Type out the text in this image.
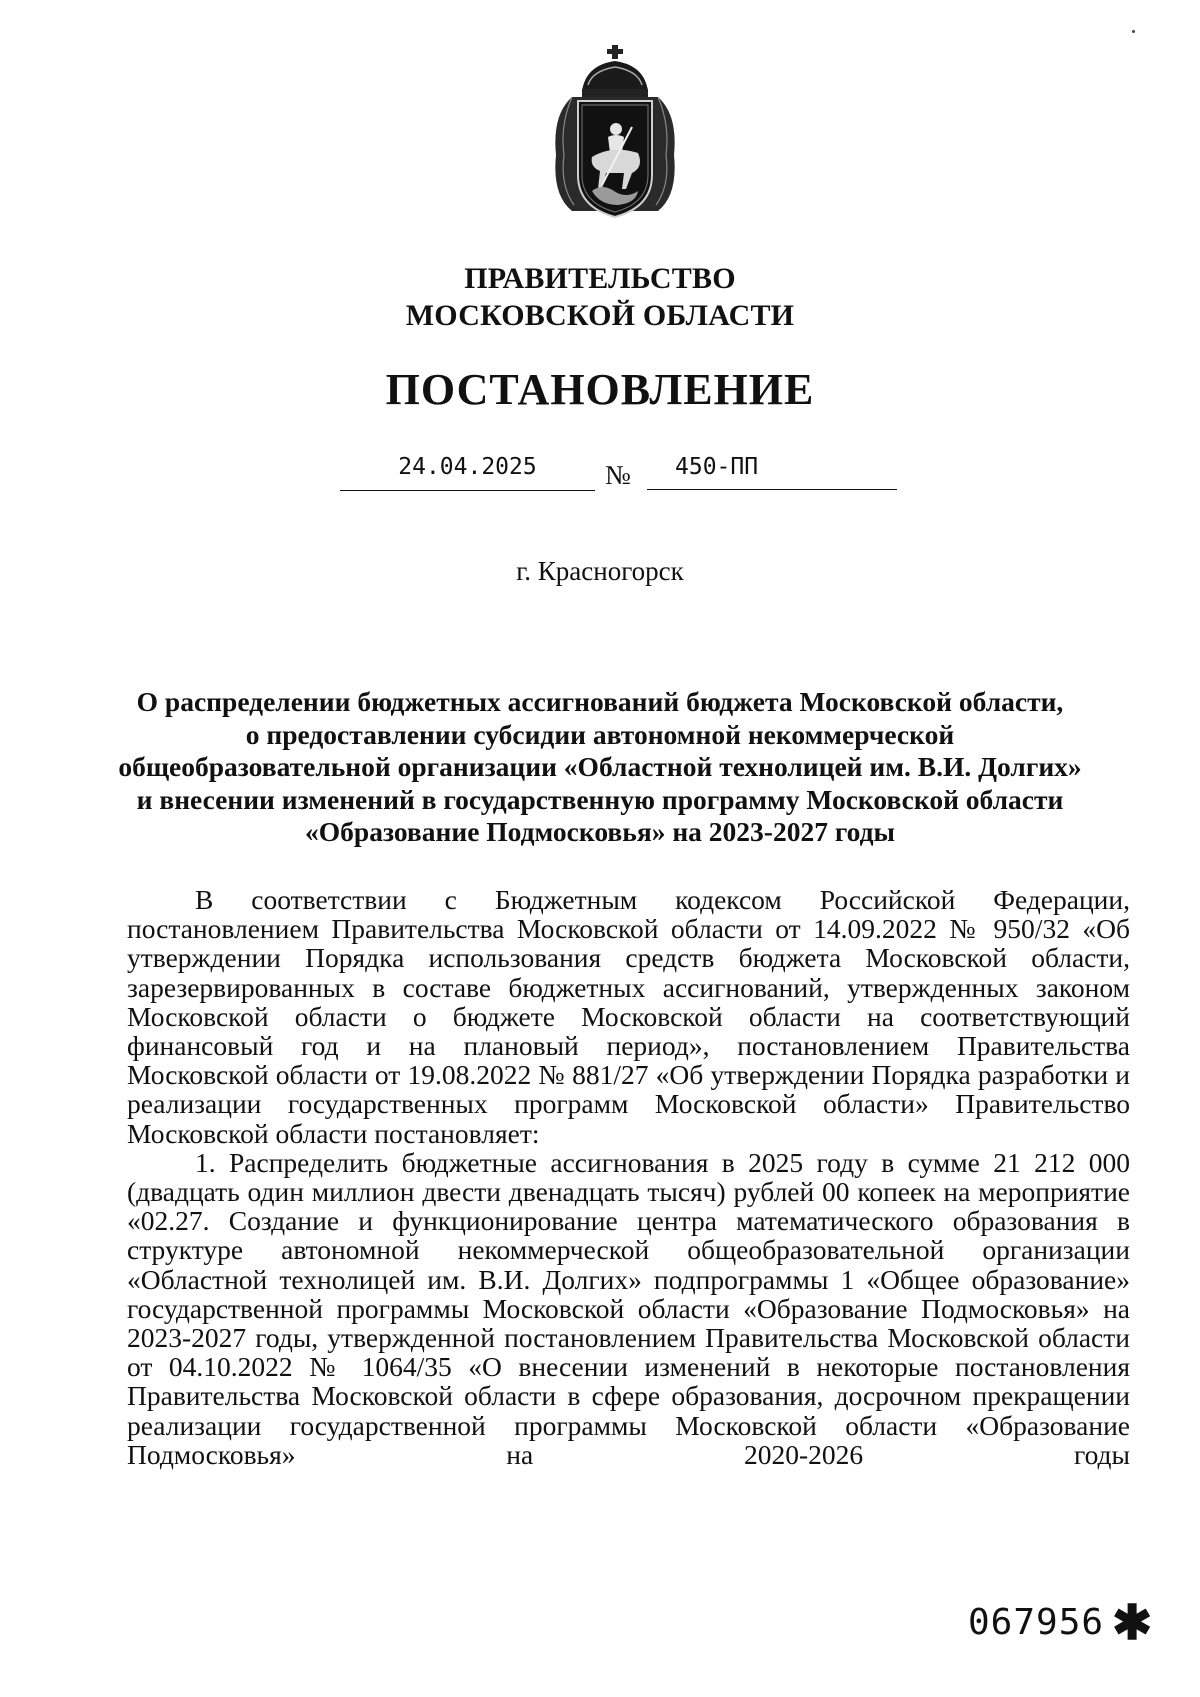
ПРАВИТЕЛЬСТВО
МОСКОВСКОЙ ОБЛАСТИ
ПОСТАНОВЛЕНИЕ
24.04.2025	№	450-ПП
г. Красногорск
О распределении бюджетных ассигнований бюджета Московской области,
о предоставлении субсидии автономной некоммерческой
общеобразовательной организации «Областной технолицей им. В.И. Долгих»
и внесении изменений в государственную программу Московской области
«Образование Подмосковья» на 2023-2027 годы

В соответствии с Бюджетным кодексом Российской Федерации, постановлением Правительства Московской области от 14.09.2022 № 950/32 «Об утверждении Порядка использования средств бюджета Московской области, зарезервированных в составе бюджетных ассигнований, утвержденных законом Московской области о бюджете Московской области на соответствующий финансовый год и на плановый период», постановлением Правительства Московской области от 19.08.2022 № 881/27 «Об утверждении Порядка разработки и реализации государственных программ Московской области» Правительство Московской области постановляет:

1. Распределить бюджетные ассигнования в 2025 году в сумме 21 212 000 (двадцать один миллион двести двенадцать тысяч) рублей 00 копеек на мероприятие «02.27. Создание и функционирование центра математического образования в структуре автономной некоммерческой общеобразовательной организации «Областной технолицей им. В.И. Долгих» подпрограммы 1 «Общее образование» государственной программы Московской области «Образование Подмосковья» на 2023-2027 годы, утвержденной постановлением Правительства Московской области от 04.10.2022 № 1064/35 «О внесении изменений в некоторые постановления Правительства Московской области в сфере образования, досрочном прекращении реализации государственной программы Московской области «Образование Подмосковья» на 2020-2026 годы

067956 ✱
